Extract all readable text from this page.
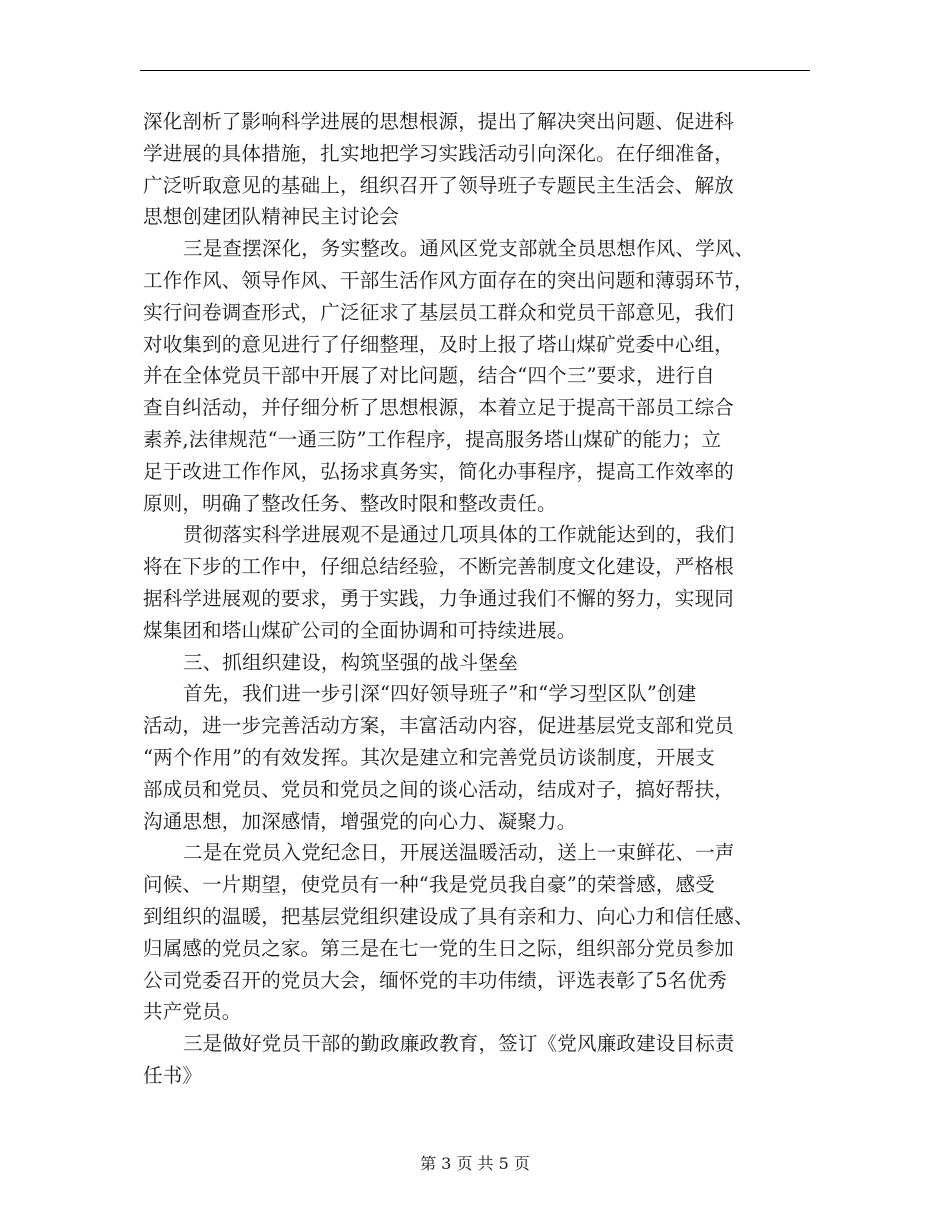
深化剖析了影响科学进展的思想根源，提出了解决突出问题、促进科
学进展的具体措施，扎实地把学习实践活动引向深化。在仔细准备，
广泛听取意见的基础上，组织召开了领导班子专题民主生活会、解放
思想创建团队精神民主讨论会
三是查摆深化，务实整改。通风区党支部就全员思想作风、学风、
工作作风、领导作风、干部生活作风方面存在的突出问题和薄弱环节，
实行问卷调查形式，广泛征求了基层员工群众和党员干部意见，我们
对收集到的意见进行了仔细整理，及时上报了塔山煤矿党委中心组，
并在全体党员干部中开展了对比问题，结合“四个三”要求，进行自
查自纠活动，并仔细分析了思想根源，本着立足于提高干部员工综合
素养,法律规范“一通三防”工作程序，提高服务塔山煤矿的能力；立
足于改进工作作风，弘扬求真务实，简化办事程序，提高工作效率的
原则，明确了整改任务、整改时限和整改责任。
贯彻落实科学进展观不是通过几项具体的工作就能达到的，我们
将在下步的工作中，仔细总结经验，不断完善制度文化建设，严格根
据科学进展观的要求，勇于实践，力争通过我们不懈的努力，实现同
煤集团和塔山煤矿公司的全面协调和可持续进展。
三、抓组织建设，构筑坚强的战斗堡垒
首先，我们进一步引深“四好领导班子”和“学习型区队”创建
活动，进一步完善活动方案，丰富活动内容，促进基层党支部和党员
“两个作用”的有效发挥。其次是建立和完善党员访谈制度，开展支
部成员和党员、党员和党员之间的谈心活动，结成对子，搞好帮扶，
沟通思想，加深感情，增强党的向心力、凝聚力。
二是在党员入党纪念日，开展送温暖活动，送上一束鲜花、一声
问候、一片期望，使党员有一种“我是党员我自豪”的荣誉感，感受
到组织的温暖，把基层党组织建设成了具有亲和力、向心力和信任感、
归属感的党员之家。第三是在七一党的生日之际，组织部分党员参加
公司党委召开的党员大会，缅怀党的丰功伟绩，评选表彰了5名优秀
共产党员。
三是做好党员干部的勤政廉政教育，签订《党风廉政建设目标责
任书》
第 3 页 共 5 页
